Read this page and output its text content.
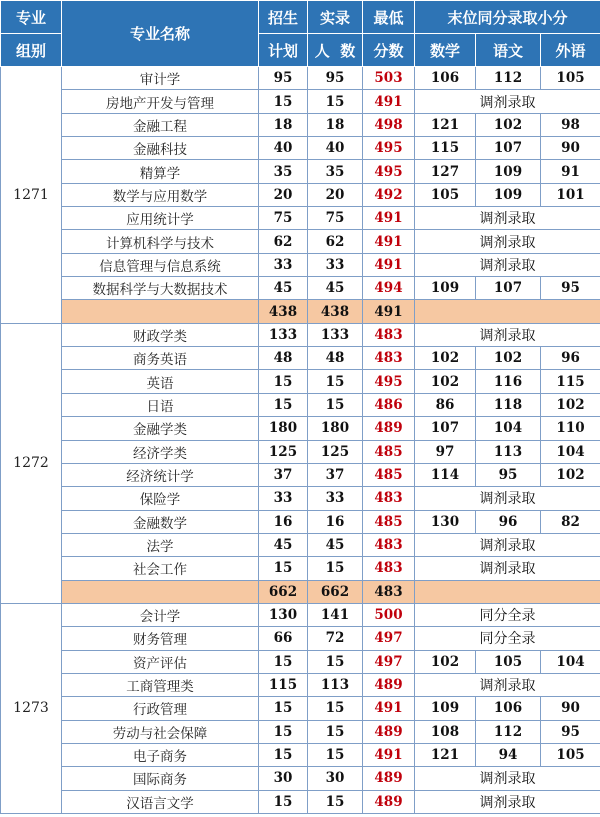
专业	专业名称	招生	实录	最低	末位同分录取小分		
组别		计划	人  数	分数	数学	语文	外语
1271	审计学	95	95	503	106	112	105
	房地产开发与管理	15	15	491	调剂录取		
	金融工程	18	18	498	121	102	98
	金融科技	40	40	495	115	107	90
	精算学	35	35	495	127	109	91
	数学与应用数学	20	20	492	105	109	101
	应用统计学	75	75	491	调剂录取		
	计算机科学与技术	62	62	491	调剂录取		
	信息管理与信息系统	33	33	491	调剂录取		
	数据科学与大数据技术	45	45	494	109	107	95
		438	438	491			
1272	财政学类	133	133	483	调剂录取		
	商务英语	48	48	483	102	102	96
	英语	15	15	495	102	116	115
	日语	15	15	486	86	118	102
	金融学类	180	180	489	107	104	110
	经济学类	125	125	485	97	113	104
	经济统计学	37	37	485	114	95	102
	保险学	33	33	483	调剂录取		
	金融数学	16	16	485	130	96	82
	法学	45	45	483	调剂录取		
	社会工作	15	15	483	调剂录取		
		662	662	483			
1273	会计学	130	141	500	同分全录		
	财务管理	66	72	497	同分全录		
	资产评估	15	15	497	102	105	104
	工商管理类	115	113	489	调剂录取		
	行政管理	15	15	491	109	106	90
	劳动与社会保障	15	15	489	108	112	95
	电子商务	15	15	491	121	94	105
	国际商务	30	30	489	调剂录取		
	汉语言文学	15	15	489	调剂录取		
